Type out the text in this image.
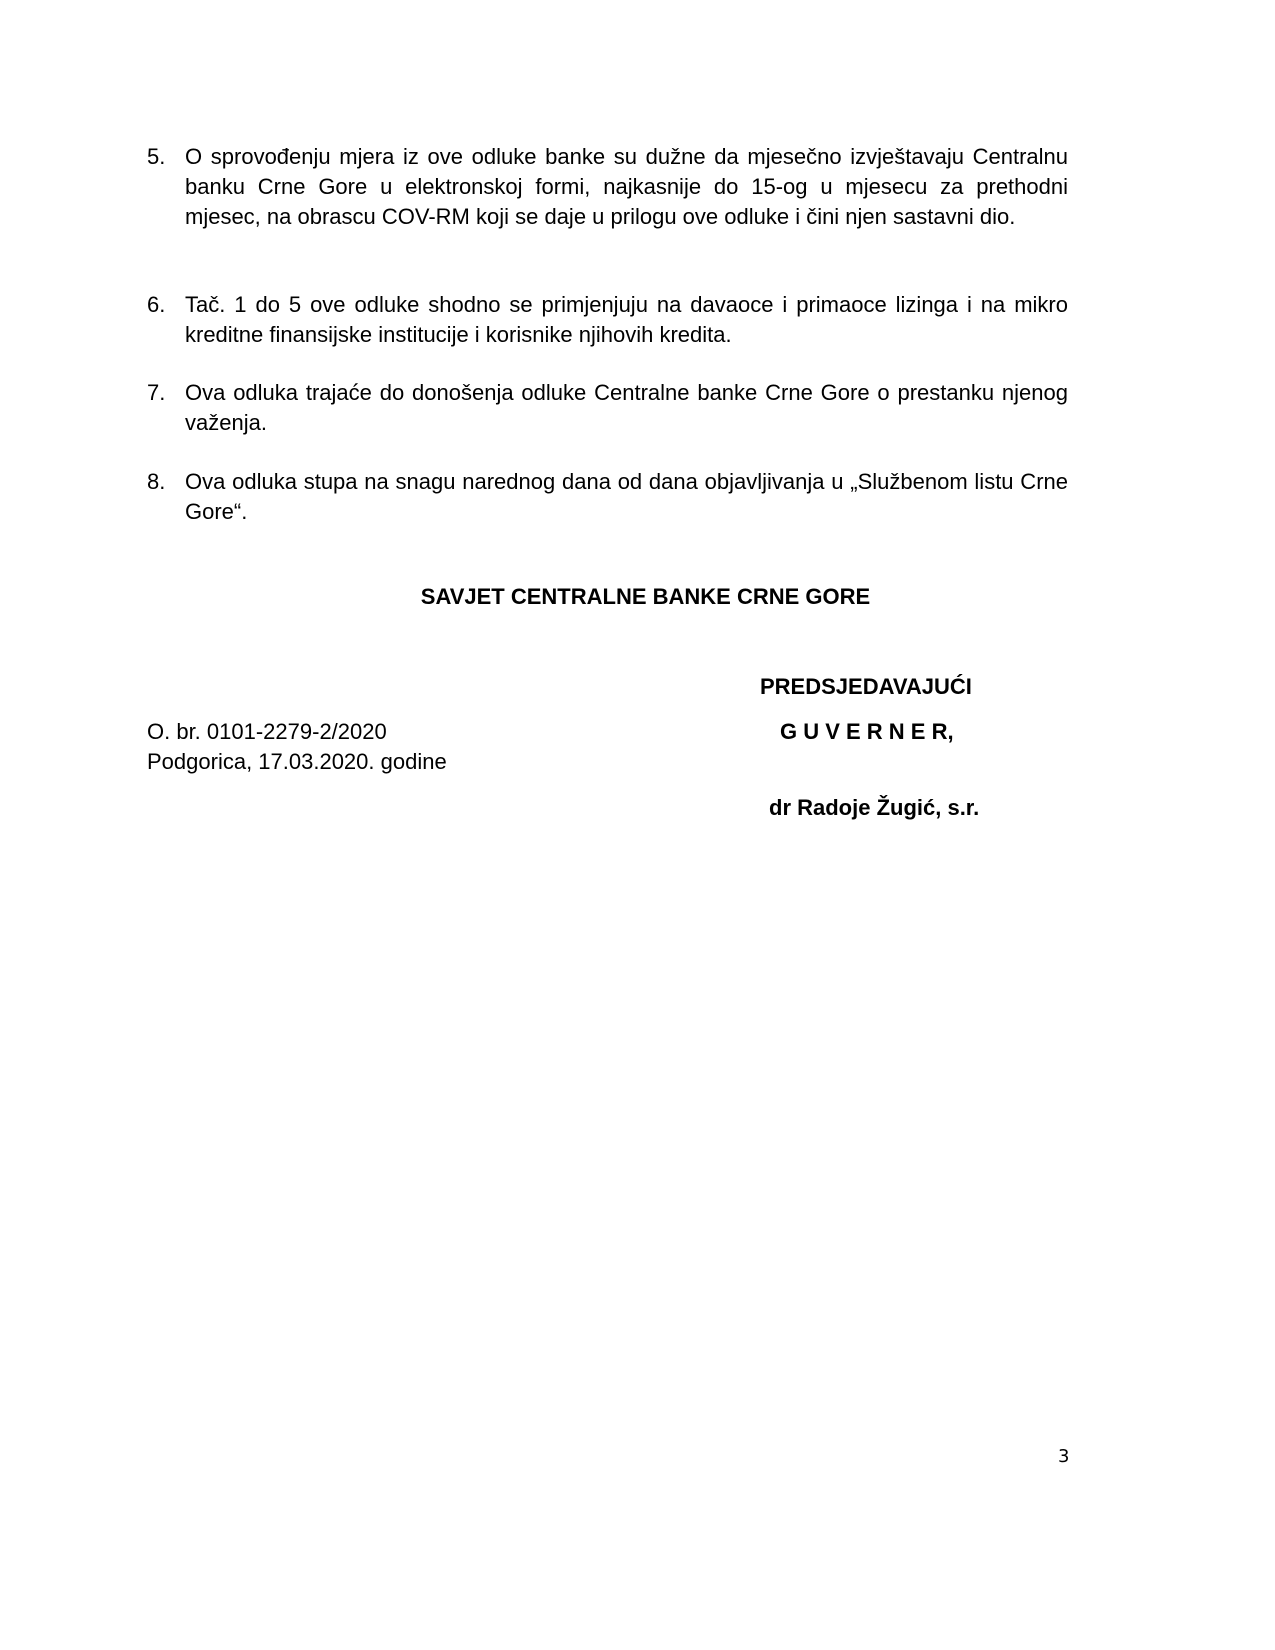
5. O sprovođenju mjera iz ove odluke banke su dužne da mjesečno izvještavaju Centralnu banku Crne Gore u elektronskoj formi, najkasnije do 15-og u mjesecu za prethodni mjesec, na obrascu COV-RM koji se daje u prilogu ove odluke i čini njen sastavni dio.
6. Tač. 1 do 5 ove odluke shodno se primjenjuju na davaoce i primaoce lizinga i na mikro kreditne finansijske institucije i korisnike njihovih kredita.
7. Ova odluka trajaće do donošenja odluke Centralne banke Crne Gore o prestanku njenog važenja.
8. Ova odluka stupa na snagu narednog dana od dana objavljivanja u „Službenom listu Crne Gore“.
SAVJET CENTRALNE BANKE CRNE GORE
PREDSJEDAVAJUĆI
G U V E R N E R,
dr Radoje Žugić, s.r.
O. br. 0101-2279-2/2020
Podgorica, 17.03.2020. godine
3
